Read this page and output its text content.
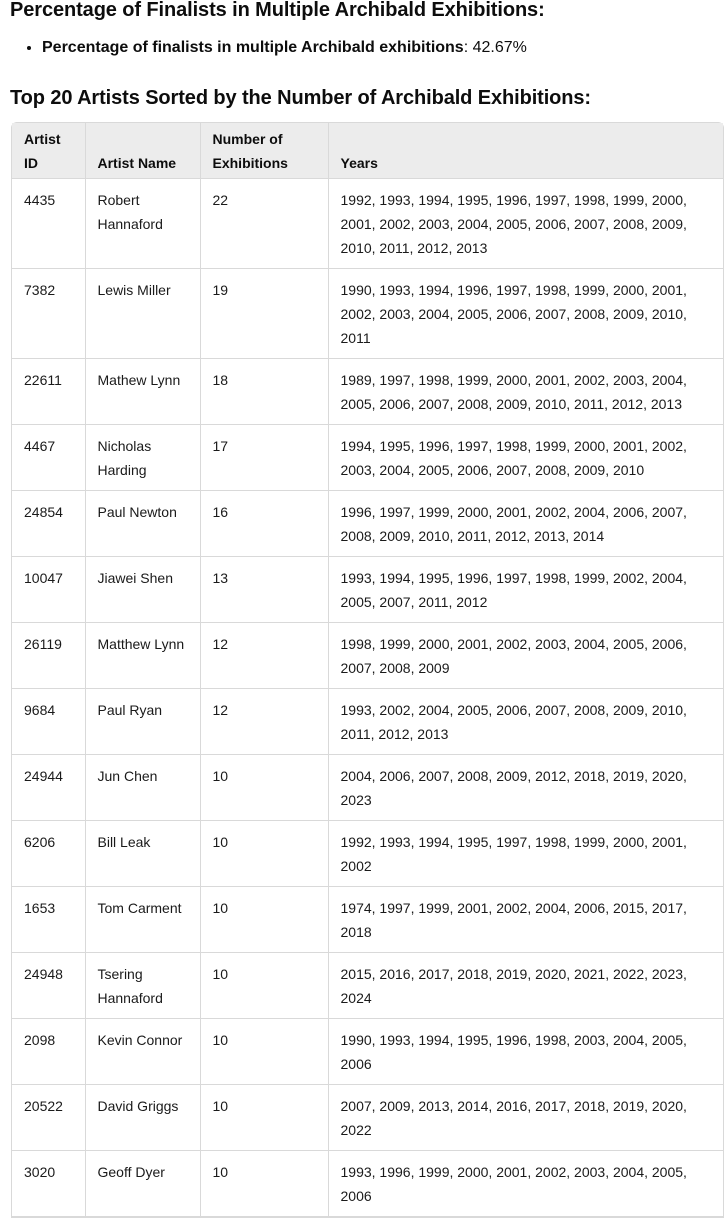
Percentage of Finalists in Multiple Archibald Exhibitions:
• Percentage of finalists in multiple Archibald exhibitions: 42.67%
Top 20 Artists Sorted by the Number of Archibald Exhibitions:
Artist ID	Artist Name	Number of Exhibitions	Years
4435	Robert Hannaford	22	1992, 1993, 1994, 1995, 1996, 1997, 1998, 1999, 2000, 2001, 2002, 2003, 2004, 2005, 2006, 2007, 2008, 2009, 2010, 2011, 2012, 2013
7382	Lewis Miller	19	1990, 1993, 1994, 1996, 1997, 1998, 1999, 2000, 2001, 2002, 2003, 2004, 2005, 2006, 2007, 2008, 2009, 2010, 2011
22611	Mathew Lynn	18	1989, 1997, 1998, 1999, 2000, 2001, 2002, 2003, 2004, 2005, 2006, 2007, 2008, 2009, 2010, 2011, 2012, 2013
4467	Nicholas Harding	17	1994, 1995, 1996, 1997, 1998, 1999, 2000, 2001, 2002, 2003, 2004, 2005, 2006, 2007, 2008, 2009, 2010
24854	Paul Newton	16	1996, 1997, 1999, 2000, 2001, 2002, 2004, 2006, 2007, 2008, 2009, 2010, 2011, 2012, 2013, 2014
10047	Jiawei Shen	13	1993, 1994, 1995, 1996, 1997, 1998, 1999, 2002, 2004, 2005, 2007, 2011, 2012
26119	Matthew Lynn	12	1998, 1999, 2000, 2001, 2002, 2003, 2004, 2005, 2006, 2007, 2008, 2009
9684	Paul Ryan	12	1993, 2002, 2004, 2005, 2006, 2007, 2008, 2009, 2010, 2011, 2012, 2013
24944	Jun Chen	10	2004, 2006, 2007, 2008, 2009, 2012, 2018, 2019, 2020, 2023
6206	Bill Leak	10	1992, 1993, 1994, 1995, 1997, 1998, 1999, 2000, 2001, 2002
1653	Tom Carment	10	1974, 1997, 1999, 2001, 2002, 2004, 2006, 2015, 2017, 2018
24948	Tsering Hannaford	10	2015, 2016, 2017, 2018, 2019, 2020, 2021, 2022, 2023, 2024
2098	Kevin Connor	10	1990, 1993, 1994, 1995, 1996, 1998, 2003, 2004, 2005, 2006
20522	David Griggs	10	2007, 2009, 2013, 2014, 2016, 2017, 2018, 2019, 2020, 2022
3020	Geoff Dyer	10	1993, 1996, 1999, 2000, 2001, 2002, 2003, 2004, 2005, 2006
